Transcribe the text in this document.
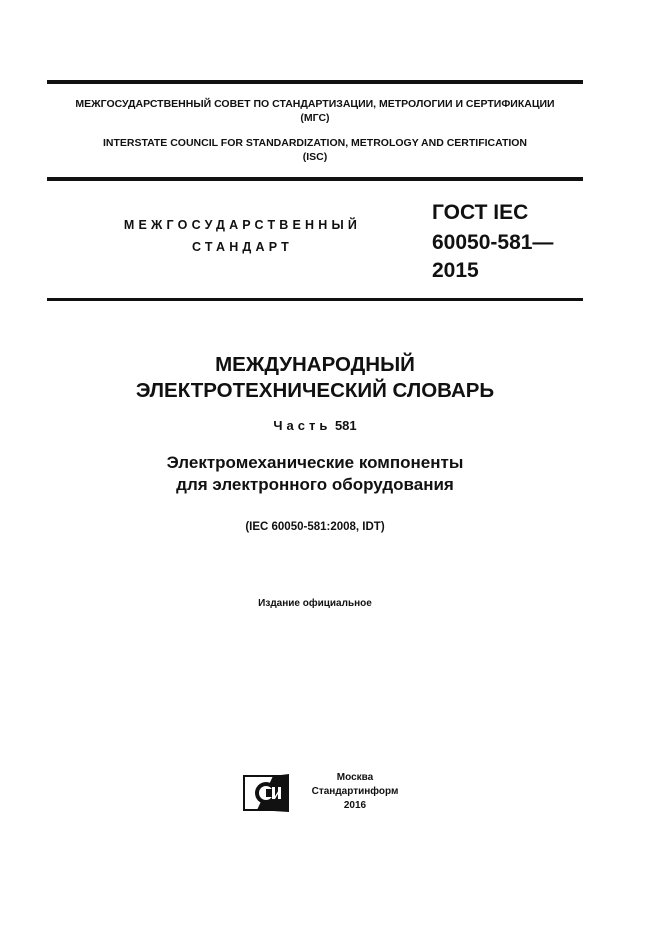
МЕЖГОСУДАРСТВЕННЫЙ СОВЕТ ПО СТАНДАРТИЗАЦИИ, МЕТРОЛОГИИ И СЕРТИФИКАЦИИ
(МГС)
INTERSTATE COUNCIL FOR STANDARDIZATION, METROLOGY AND CERTIFICATION
(ISC)
МЕЖГОСУДАРСТВЕННЫЙ
СТАНДАРТ
ГОСТ IEC
60050-581—
2015
МЕЖДУНАРОДНЫЙ
ЭЛЕКТРОТЕХНИЧЕСКИЙ СЛОВАРЬ
Часть 581
Электромеханические компоненты
для электронного оборудования
(IEC 60050-581:2008, IDT)
Издание официальное
Москва
Стандартинформ
2016
